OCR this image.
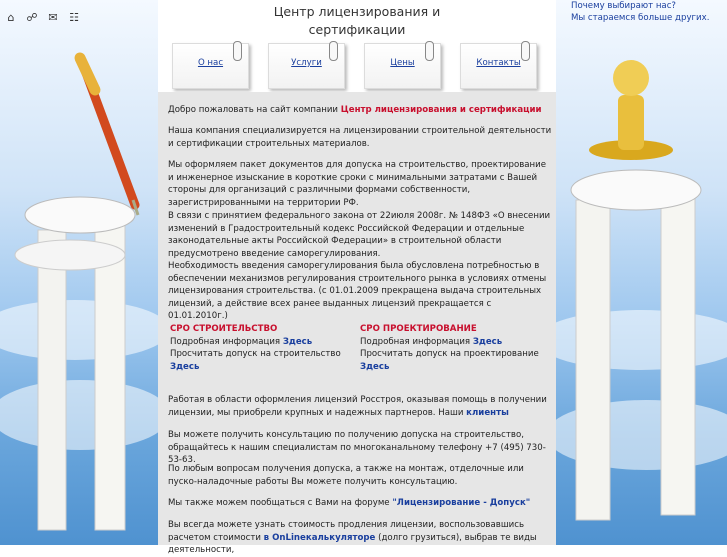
⌂	☍ ✉ ☷
Почему выбирают нас?
Мы стараемся больше других.
Центр лицензирования и
сертификации
О нас	Услуги	Цены	Контакты

Добро пожаловать на сайт компании Центр лицензирования и сертификации

Наша компания специализируется на лицензировании строительной деятельности и сертификации строительных материалов.

Мы оформляем пакет документов для допуска на строительство, проектирование и инженерное изыскание в короткие сроки с минимальными затратами с Вашей стороны для организаций с различными формами собственности, зарегистрированными на территории РФ.

В связи с принятием федерального закона от 22июля 2008г. № 148ФЗ «О внесении изменений в Градостроительный кодекс Российской Федерации и отдельные законодательные акты Российской Федерации» в строительной области предусмотрено введение саморегулирования.

Необходимость введения саморегулирования была обусловлена потребностью в обеспечении механизмов регулирования строительного рынка в условиях отмены лицензирования строительства. (с 01.01.2009 прекращена выдача строительных лицензий, а действие всех ранее выданных лицензий прекращается с 01.01.2010г.)

СРО СТРОИТЕЛЬСТВО
Подробная информация Здесь
Просчитать допуск на строительство Здесь
СРО ПРОЕКТИРОВАНИЕ
Подробная информация Здесь
Просчитать допуск на проектирование
Здесь

Работая в области оформления лицензий Росстроя, оказывая помощь в получении лицензии, мы приобрели крупных и надежных партнеров. Наши клиенты

Вы можете получить консультацию по получению допуска на строительство, обращайтесь к нашим специалистам по многоканальному телефону +7 (495) 730-53-63.

По любым вопросам получения допуска, а также на монтаж, отделочные или пуско-наладочные работы Вы можете получить консультацию.

Мы также можем пообщаться с Вами на форуме "Лицензирование - Допуск"

Вы всегда можете узнать стоимость продления лицензии, воспользовавшись расчетом стоимости в OnLineкалькуляторе (долго грузиться), выбрав те виды деятельности,
